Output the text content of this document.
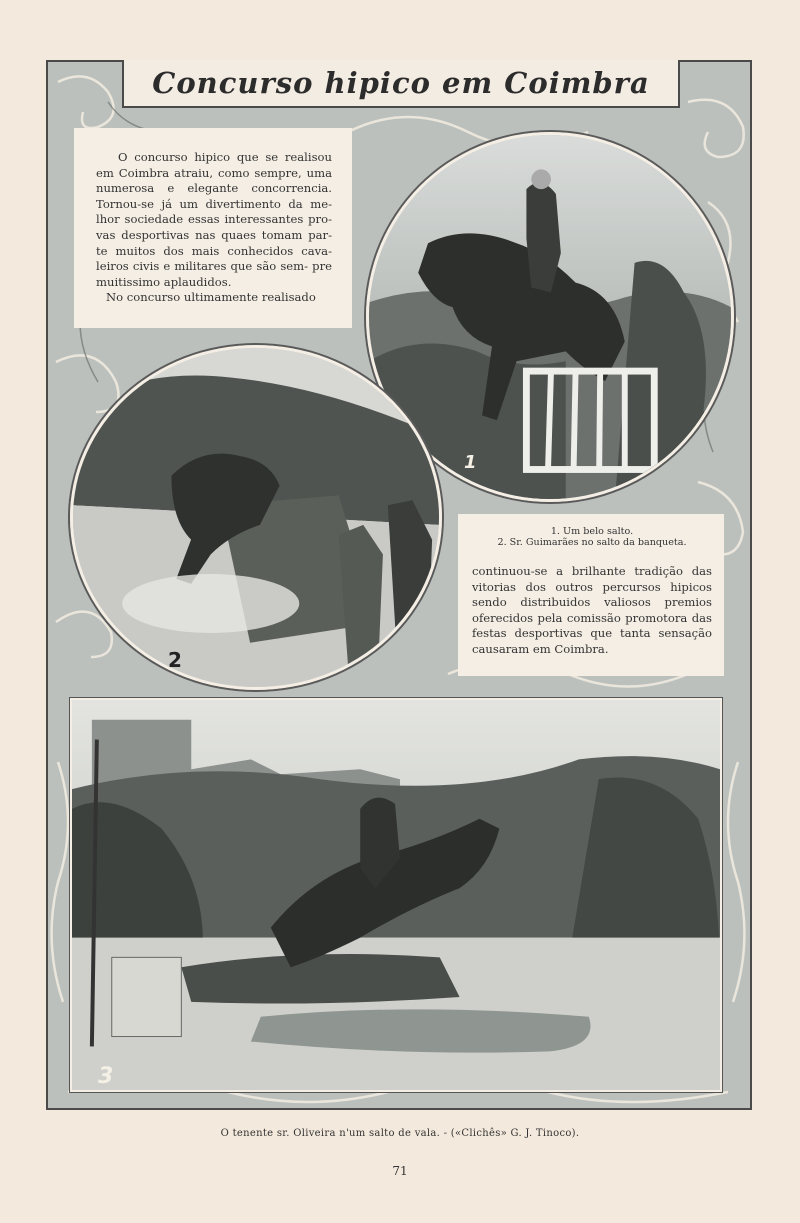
Concurso hipico em Coimbra
O concurso hipico que se realisou em Coimbra atraiu, como sempre, uma numerosa e elegante concorrencia. Tornou-se já um divertimento da me- lhor sociedade essas interessantes pro- vas desportivas nas quaes tomam par- te muitos dos mais conhecidos cava- leiros civis e militares que são sem- pre muitissimo aplaudidos.
No concurso ultimamente realisado
1. Um belo salto.
2. Sr. Guimarães no salto da banqueta.
continuou-se a brilhante tradição das vitorias dos outros percursos hipicos sendo distribuidos valiosos premios oferecidos pela comissão promotora das festas desportivas que tanta sensação causaram em Coimbra.
1
2
3
O tenente sr. Oliveira n'um salto de vala. - («Clichês» G. J. Tinoco).
71
